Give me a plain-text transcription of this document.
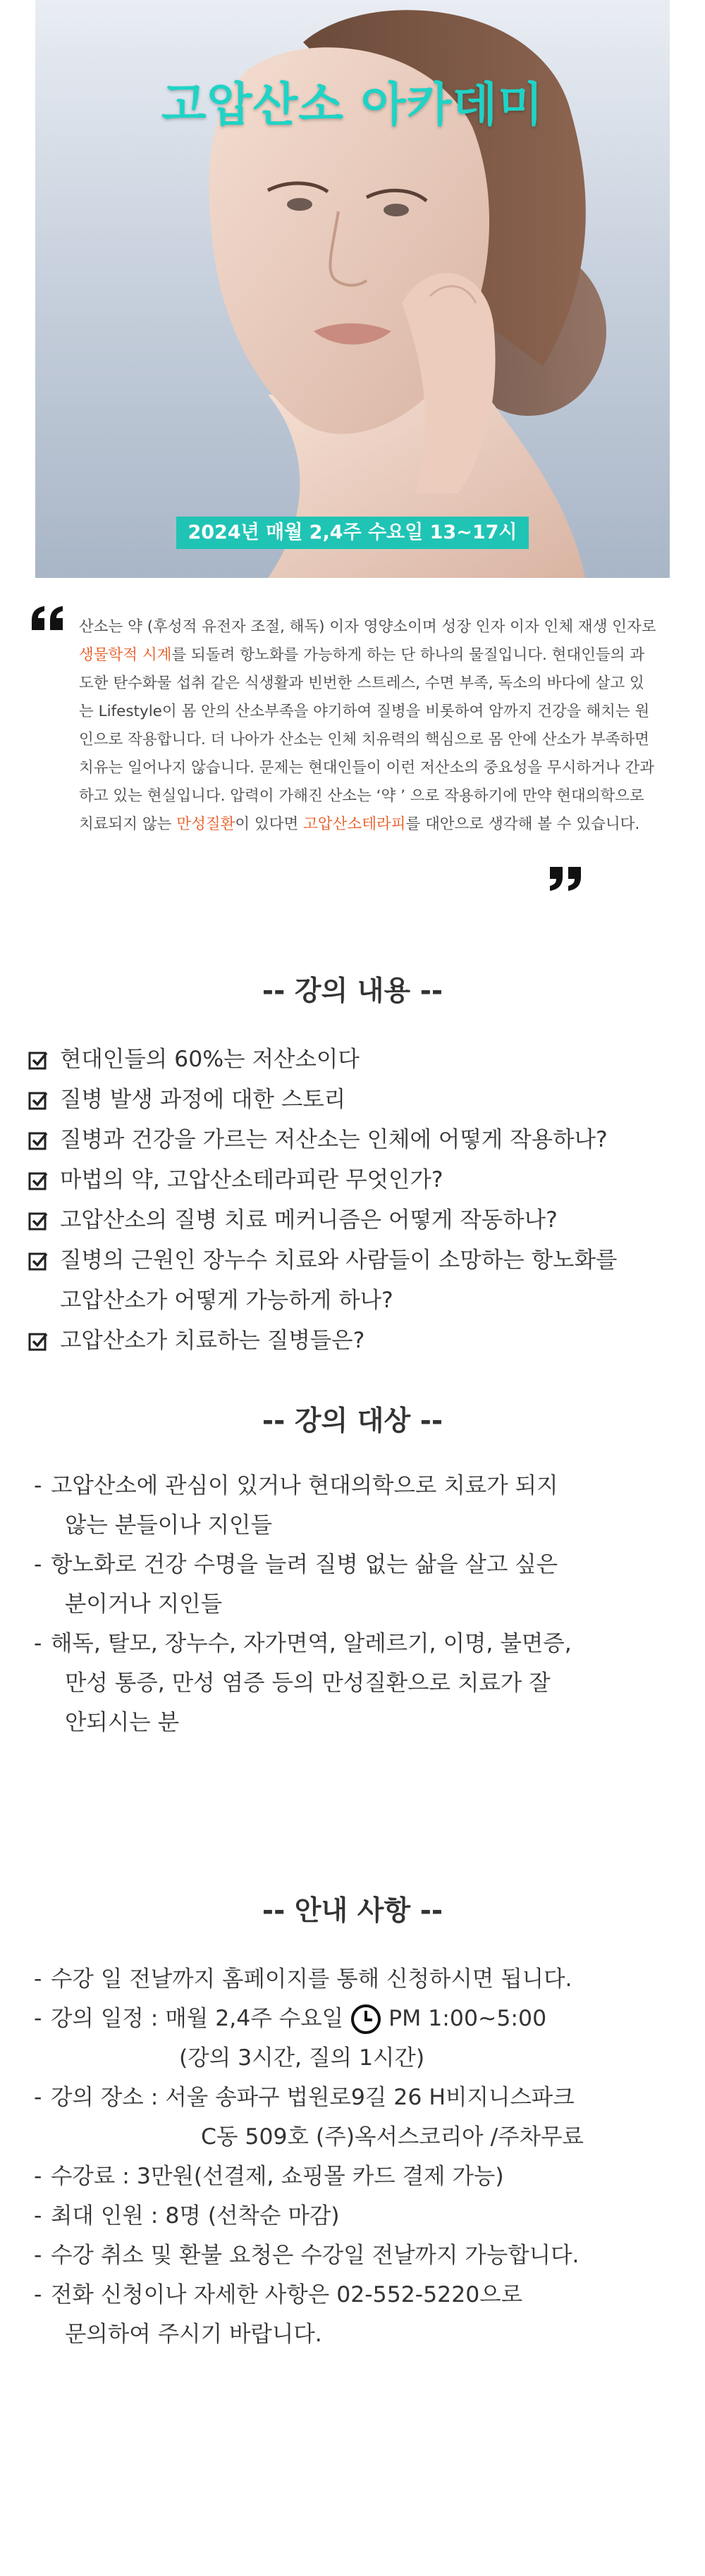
고압산소 아카데미
2024년 매월 2,4주 수요일 13~17시
산소는 약 (후성적 유전자 조절, 해독) 이자 영양소이며 성장 인자 이자 인체 재생 인자로 생물학적 시계를 되돌려 항노화를 가능하게 하는 단 하나의 물질입니다. 현대인들의 과도한 탄수화물 섭취 같은 식생활과 빈번한 스트레스, 수면 부족, 독소의 바다에 살고 있는 Lifestyle이 몸 안의 산소부족을 야기하여 질병을 비롯하여 암까지 건강을 해치는 원인으로 작용합니다. 더 나아가 산소는 인체 치유력의 핵심으로 몸 안에 산소가 부족하면 치유는 일어나지 않습니다. 문제는 현대인들이 이런 저산소의 중요성을 무시하거나 간과하고 있는 현실입니다. 압력이 가해진 산소는 ‘약 ’ 으로 작용하기에 만약 현대의학으로 치료되지 않는 만성질환이 있다면 고압산소테라피를 대안으로 생각해 볼 수 있습니다.
-- 강의 내용 --
현대인들의 60%는 저산소이다
질병 발생 과정에 대한 스토리
질병과 건강을 가르는 저산소는 인체에 어떻게 작용하나?
마법의 약, 고압산소테라피란 무엇인가?
고압산소의 질병 치료 메커니즘은 어떻게 작동하나?
질병의 근원인 장누수 치료와 사람들이 소망하는 항노화를
고압산소가 어떻게 가능하게 하나?
고압산소가 치료하는 질병들은?
-- 강의 대상 --
- 고압산소에 관심이 있거나 현대의학으로 치료가 되지
않는 분들이나 지인들
- 항노화로 건강 수명을 늘려 질병 없는 삶을 살고 싶은
분이거나 지인들
- 해독, 탈모, 장누수, 자가면역, 알레르기, 이명, 불면증,
만성 통증, 만성 염증 등의 만성질환으로 치료가 잘
안되시는 분
-- 안내 사항 --
- 수강 일 전날까지 홈페이지를 통해 신청하시면 됩니다.
- 강의 일정 : 매월 2,4주 수요일 PM 1:00~5:00
(강의 3시간, 질의 1시간)
- 강의 장소 : 서울 송파구 법원로9길 26 H비지니스파크
C동 509호 (주)옥서스코리아 /주차무료
- 수강료 : 3만원(선결제, 쇼핑몰 카드 결제 가능)
- 최대 인원 : 8명 (선착순 마감)
- 수강 취소 및 환불 요청은 수강일 전날까지 가능합니다.
- 전화 신청이나 자세한 사항은 02-552-5220으로
문의하여 주시기 바랍니다.
